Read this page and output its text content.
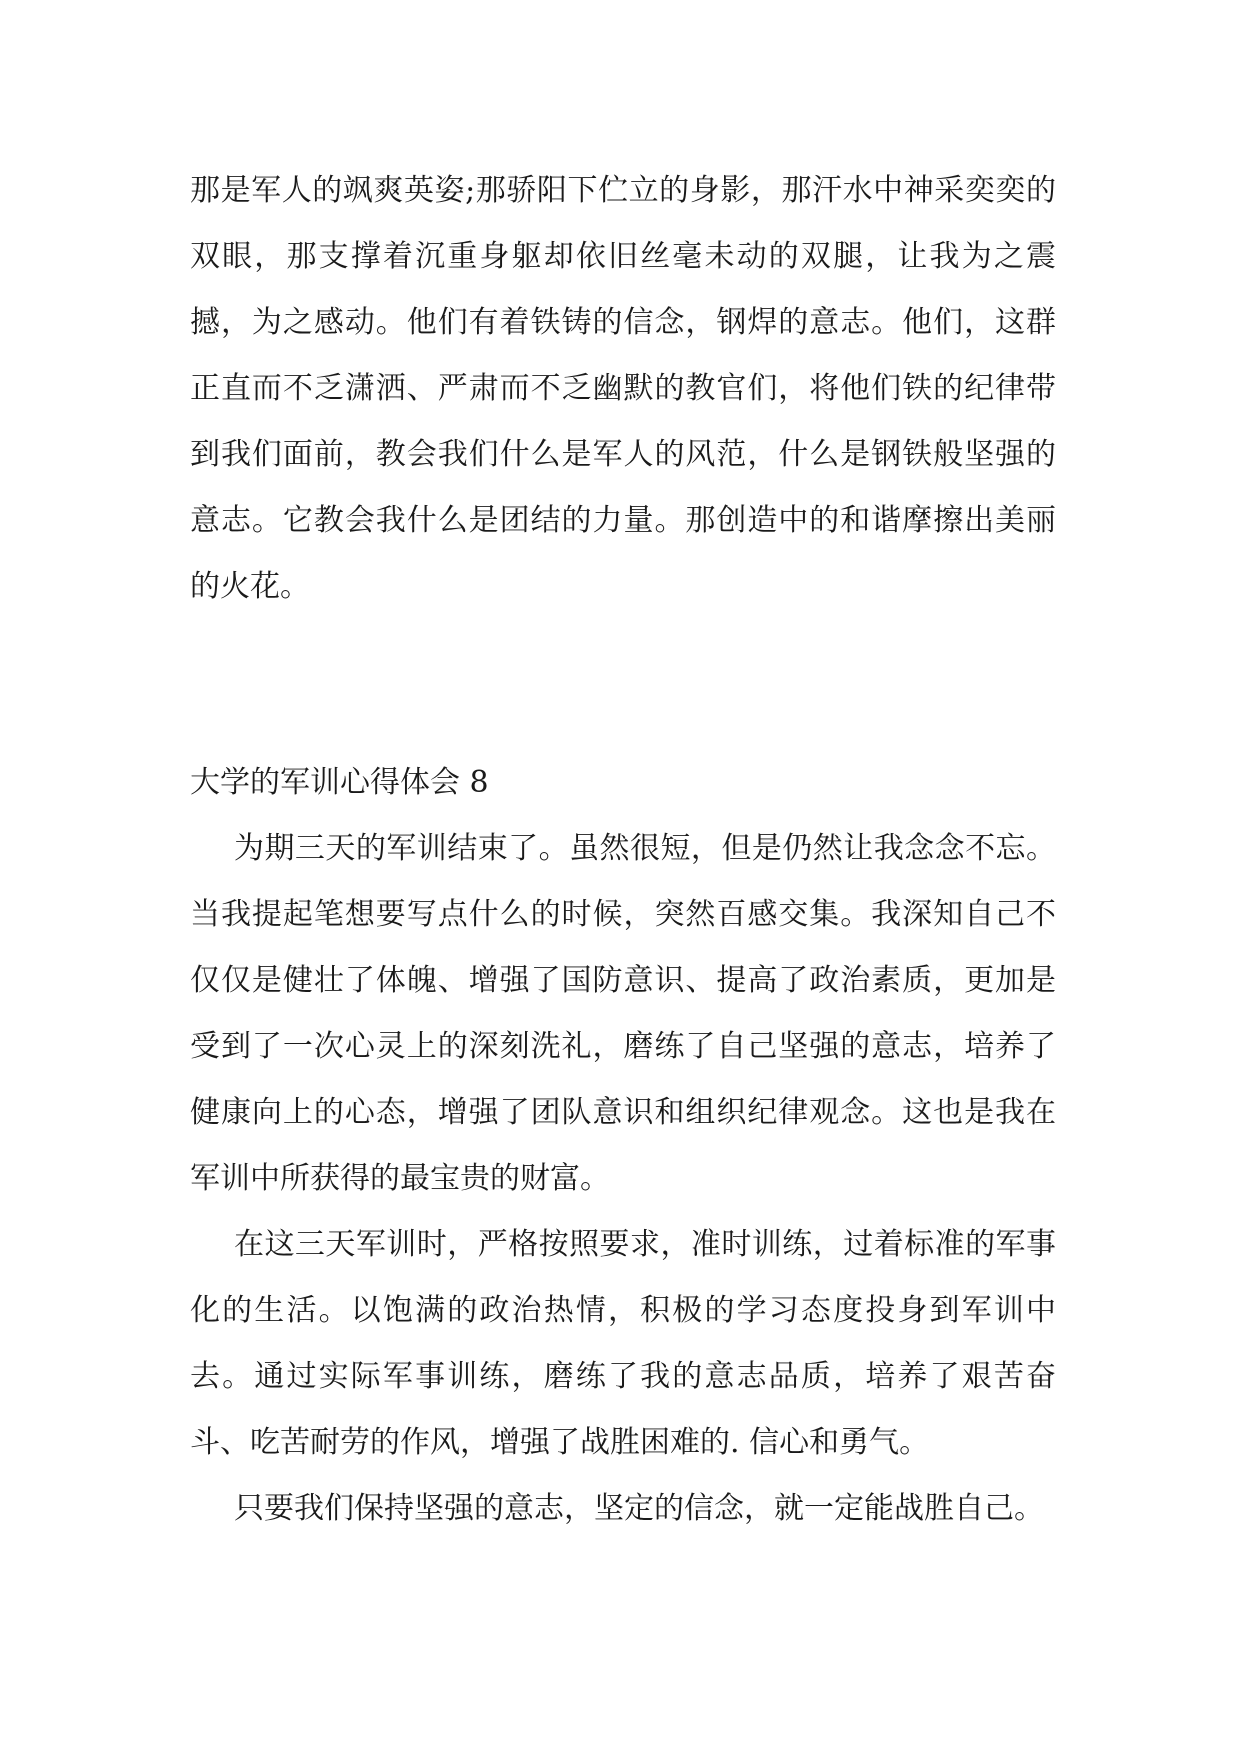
那是军人的飒爽英姿;那骄阳下伫立的身影，那汗水中神采奕奕的双眼，那支撑着沉重身躯却依旧丝毫未动的双腿，让我为之震撼，为之感动。他们有着铁铸的信念，钢焊的意志。他们，这群正直而不乏潇洒、严肃而不乏幽默的教官们，将他们铁的纪律带到我们面前，教会我们什么是军人的风范，什么是钢铁般坚强的意志。它教会我什么是团结的力量。那创造中的和谐摩擦出美丽的火花。

大学的军训心得体会 8

为期三天的军训结束了。虽然很短，但是仍然让我念念不忘。当我提起笔想要写点什么的时候，突然百感交集。我深知自己不仅仅是健壮了体魄、增强了国防意识、提高了政治素质，更加是受到了一次心灵上的深刻洗礼，磨练了自己坚强的意志，培养了健康向上的心态，增强了团队意识和组织纪律观念。这也是我在军训中所获得的最宝贵的财富。

在这三天军训时，严格按照要求，准时训练，过着标准的军事化的生活。以饱满的政治热情，积极的学习态度投身到军训中去。通过实际军事训练，磨练了我的意志品质，培养了艰苦奋斗、吃苦耐劳的作风，增强了战胜困难的. 信心和勇气。

只要我们保持坚强的意志，坚定的信念，就一定能战胜自己。
